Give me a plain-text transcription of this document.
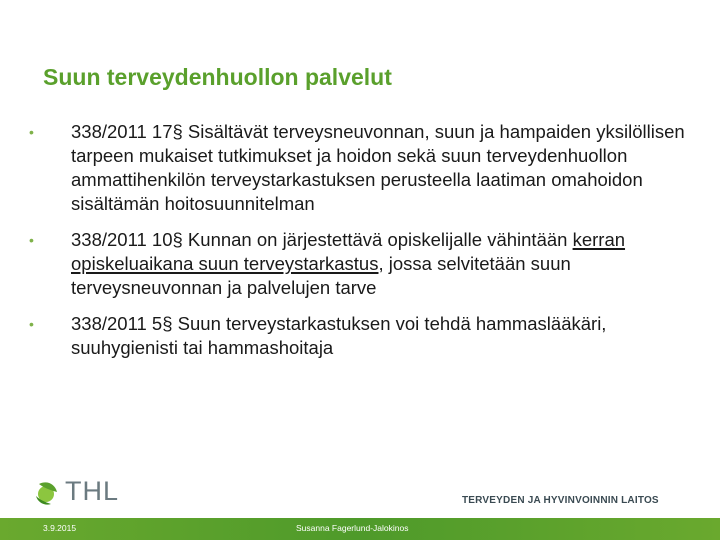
Suun terveydenhuollon palvelut
• 338/2011 17§ Sisältävät terveysneuvonnan, suun ja hampaiden yksilöllisen tarpeen mukaiset tutkimukset ja hoidon sekä suun terveydenhuollon ammattihenkilön terveystarkastuksen perusteella laatiman omahoidon sisältämän hoitosuunnitelman
• 338/2011 10§ Kunnan on järjestettävä opiskelijalle vähintään kerran opiskeluaikana suun terveystarkastus, jossa selvitetään suun terveysneuvonnan ja palvelujen tarve
• 338/2011 5§ Suun terveystarkastuksen voi tehdä hammaslääkäri, suuhygienisti tai hammashoitaja
THL	TERVEYDEN JA HYVINVOINNIN LAITOS
3.9.2015	Susanna Fagerlund-Jalokinos
